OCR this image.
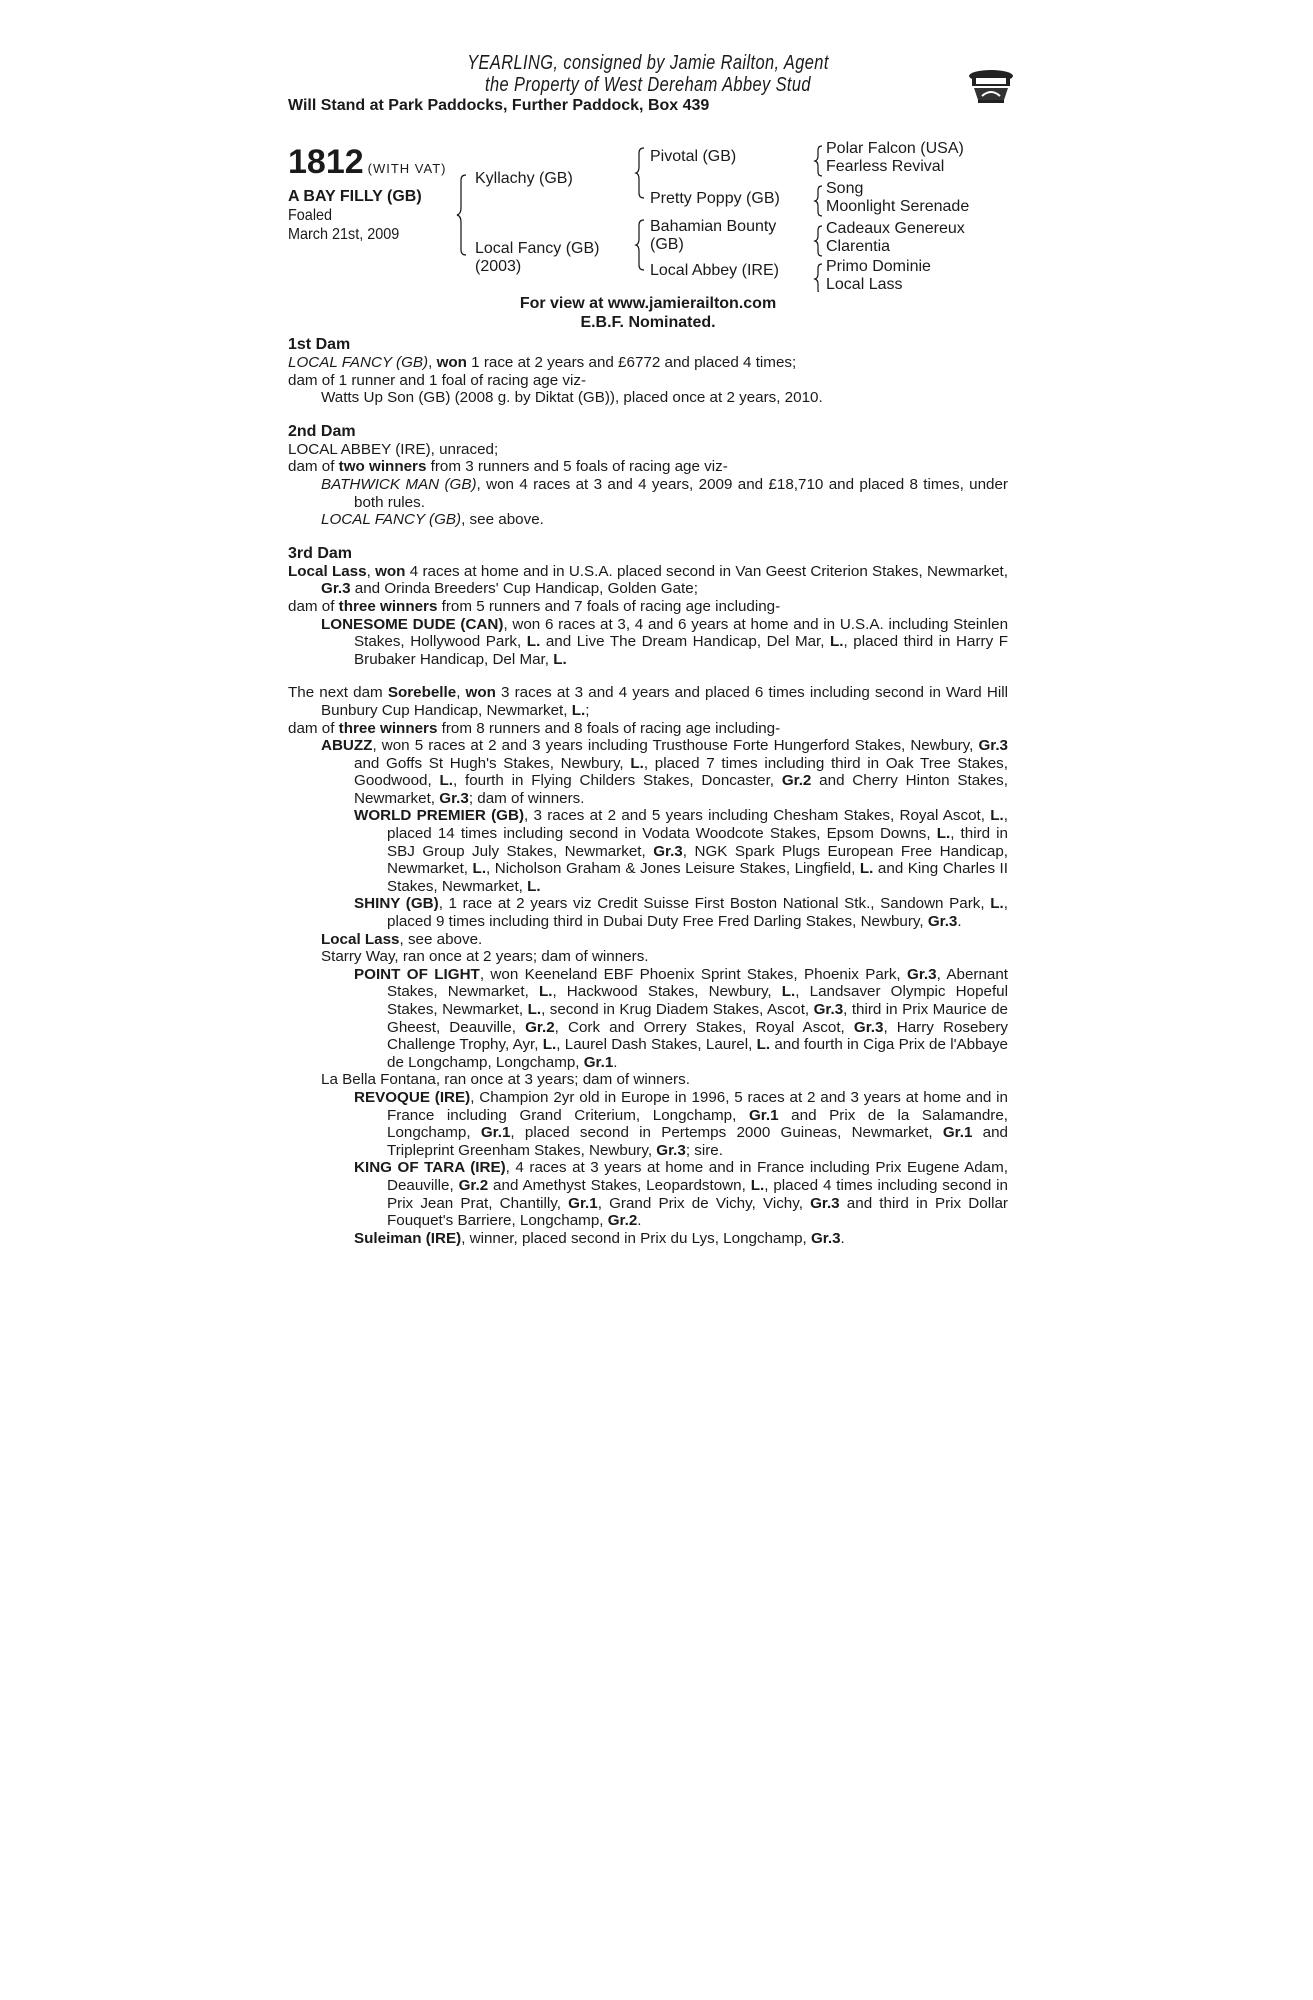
YEARLING, consigned by Jamie Railton, Agent
the Property of West Dereham Abbey Stud
Will Stand at Park Paddocks, Further Paddock, Box 439
1812 (WITH VAT)
A BAY FILLY (GB)
Foaled
March 21st, 2009
Kyllachy (GB)
Local Fancy (GB)
(2003)
Pivotal (GB)
Pretty Poppy (GB)
Bahamian Bounty
(GB)
Local Abbey (IRE)
Polar Falcon (USA)
Fearless Revival
Song
Moonlight Serenade
Cadeaux Genereux
Clarentia
Primo Dominie
Local Lass
For view at www.jamierailton.com
E.B.F. Nominated.
1st Dam
LOCAL FANCY (GB), won 1 race at 2 years and £6772 and placed 4 times;
dam of 1 runner and 1 foal of racing age viz-
Watts Up Son (GB) (2008 g. by Diktat (GB)), placed once at 2 years, 2010.
2nd Dam
LOCAL ABBEY (IRE), unraced;
dam of two winners from 3 runners and 5 foals of racing age viz-
BATHWICK MAN (GB), won 4 races at 3 and 4 years, 2009 and £18,710 and placed 8 times, under both rules.
LOCAL FANCY (GB), see above.
3rd Dam
Local Lass, won 4 races at home and in U.S.A. placed second in Van Geest Criterion Stakes, Newmarket, Gr.3 and Orinda Breeders' Cup Handicap, Golden Gate;
dam of three winners from 5 runners and 7 foals of racing age including-
LONESOME DUDE (CAN), won 6 races at 3, 4 and 6 years at home and in U.S.A. including Steinlen Stakes, Hollywood Park, L. and Live The Dream Handicap, Del Mar, L., placed third in Harry F Brubaker Handicap, Del Mar, L.
The next dam Sorebelle, won 3 races at 3 and 4 years and placed 6 times including second in Ward Hill Bunbury Cup Handicap, Newmarket, L.;
dam of three winners from 8 runners and 8 foals of racing age including-
ABUZZ, won 5 races at 2 and 3 years including Trusthouse Forte Hungerford Stakes, Newbury, Gr.3 and Goffs St Hugh's Stakes, Newbury, L., placed 7 times including third in Oak Tree Stakes, Goodwood, L., fourth in Flying Childers Stakes, Doncaster, Gr.2 and Cherry Hinton Stakes, Newmarket, Gr.3; dam of winners.
WORLD PREMIER (GB), 3 races at 2 and 5 years including Chesham Stakes, Royal Ascot, L., placed 14 times including second in Vodata Woodcote Stakes, Epsom Downs, L., third in SBJ Group July Stakes, Newmarket, Gr.3, NGK Spark Plugs European Free Handicap, Newmarket, L., Nicholson Graham & Jones Leisure Stakes, Lingfield, L. and King Charles II Stakes, Newmarket, L.
SHINY (GB), 1 race at 2 years viz Credit Suisse First Boston National Stk., Sandown Park, L., placed 9 times including third in Dubai Duty Free Fred Darling Stakes, Newbury, Gr.3.
Local Lass, see above.
Starry Way, ran once at 2 years; dam of winners.
POINT OF LIGHT, won Keeneland EBF Phoenix Sprint Stakes, Phoenix Park, Gr.3, Abernant Stakes, Newmarket, L., Hackwood Stakes, Newbury, L., Landsaver Olympic Hopeful Stakes, Newmarket, L., second in Krug Diadem Stakes, Ascot, Gr.3, third in Prix Maurice de Gheest, Deauville, Gr.2, Cork and Orrery Stakes, Royal Ascot, Gr.3, Harry Rosebery Challenge Trophy, Ayr, L., Laurel Dash Stakes, Laurel, L. and fourth in Ciga Prix de l'Abbaye de Longchamp, Longchamp, Gr.1.
La Bella Fontana, ran once at 3 years; dam of winners.
REVOQUE (IRE), Champion 2yr old in Europe in 1996, 5 races at 2 and 3 years at home and in France including Grand Criterium, Longchamp, Gr.1 and Prix de la Salamandre, Longchamp, Gr.1, placed second in Pertemps 2000 Guineas, Newmarket, Gr.1 and Tripleprint Greenham Stakes, Newbury, Gr.3; sire.
KING OF TARA (IRE), 4 races at 3 years at home and in France including Prix Eugene Adam, Deauville, Gr.2 and Amethyst Stakes, Leopardstown, L., placed 4 times including second in Prix Jean Prat, Chantilly, Gr.1, Grand Prix de Vichy, Vichy, Gr.3 and third in Prix Dollar Fouquet's Barriere, Longchamp, Gr.2.
Suleiman (IRE), winner, placed second in Prix du Lys, Longchamp, Gr.3.
